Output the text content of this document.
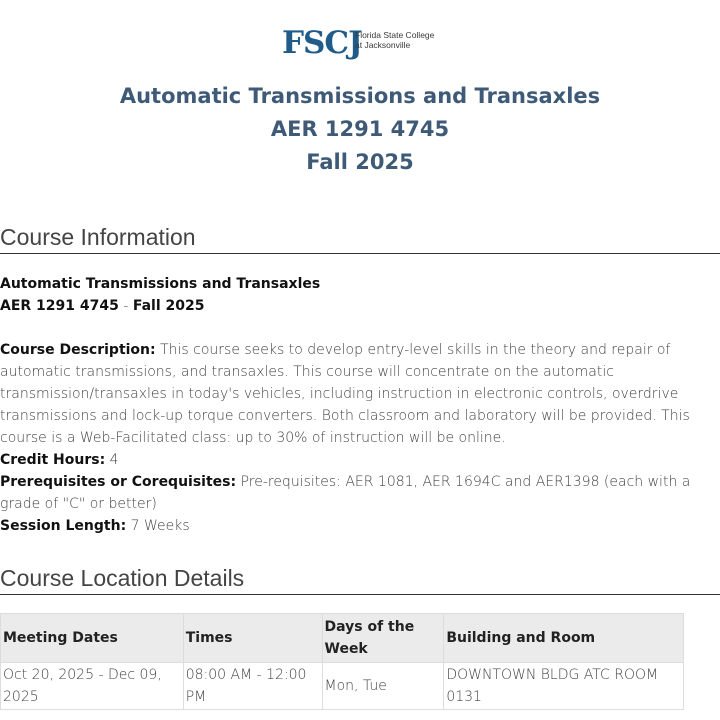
FSCJ
Florida State College
at Jacksonville
Automatic Transmissions and Transaxles
AER 1291 4745
Fall 2025
Course Information
Automatic Transmissions and Transaxles
AER 1291 4745 - Fall 2025
Course Description: This course seeks to develop entry-level skills in the theory and repair of automatic transmissions, and transaxles. This course will concentrate on the automatic transmission/transaxles in today's vehicles, including instruction in electronic controls, overdrive transmissions and lock-up torque converters. Both classroom and laboratory will be provided. This course is a Web-Facilitated class: up to 30% of instruction will be online.
Credit Hours: 4
Prerequisites or Corequisites: Pre-requisites: AER 1081, AER 1694C and AER1398 (each with a grade of "C" or better)
Session Length: 7 Weeks
Course Location Details
Meeting Dates	Times	Days of the Week	Building and Room
Oct 20, 2025 - Dec 09, 2025	08:00 AM - 12:00 PM	Mon, Tue	DOWNTOWN BLDG ATC ROOM 0131
